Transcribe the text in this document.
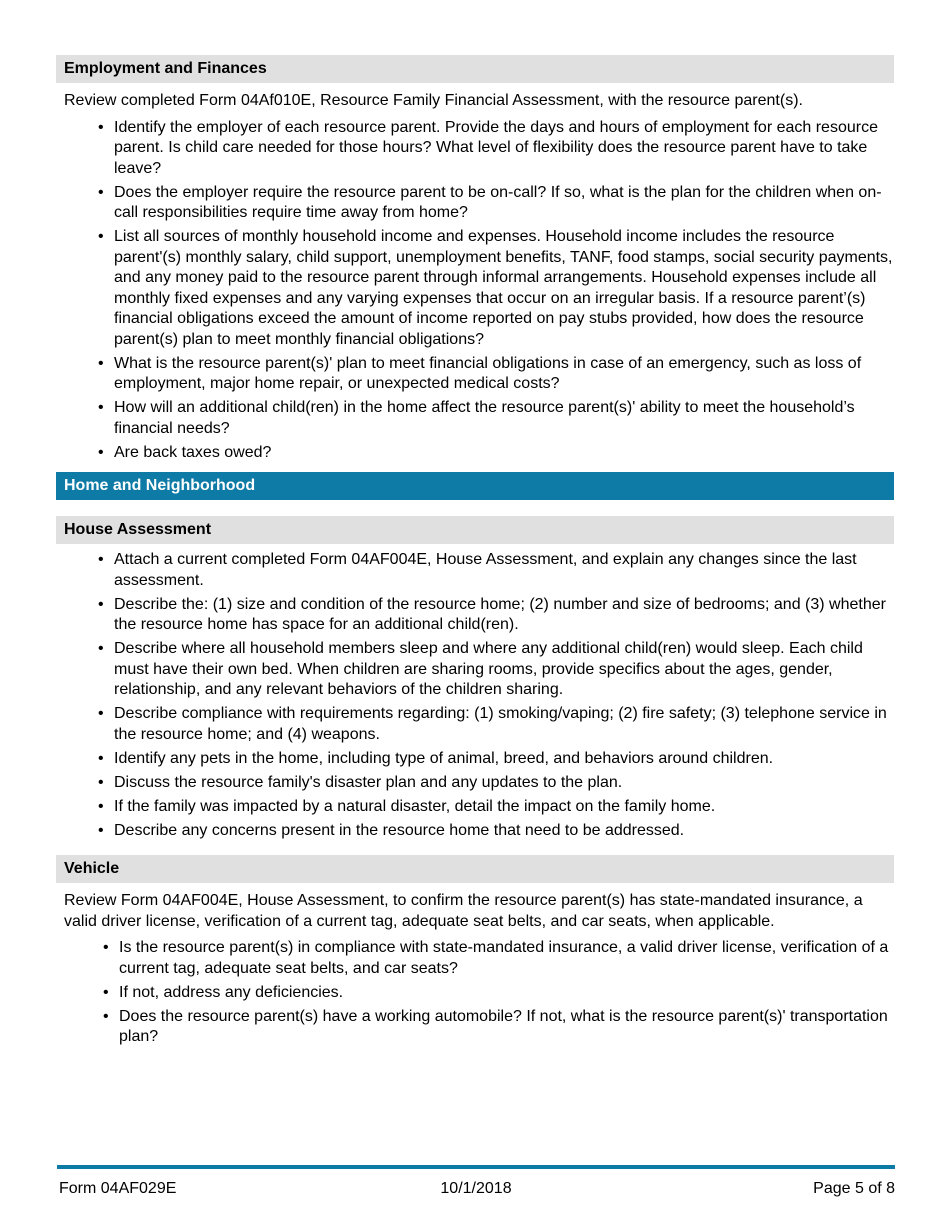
Employment and Finances

Review completed Form 04Af010E, Resource Family Financial Assessment, with the resource parent(s).

• Identify the employer of each resource parent. Provide the days and hours of employment for each resource parent. Is child care needed for those hours? What level of flexibility does the resource parent have to take leave?
• Does the employer require the resource parent to be on-call? If so, what is the plan for the children when on-call responsibilities require time away from home?
• List all sources of monthly household income and expenses. Household income includes the resource parent'(s) monthly salary, child support, unemployment benefits, TANF, food stamps, social security payments, and any money paid to the resource parent through informal arrangements. Household expenses include all monthly fixed expenses and any varying expenses that occur on an irregular basis. If a resource parent’(s) financial obligations exceed the amount of income reported on pay stubs provided, how does the resource parent(s) plan to meet monthly financial obligations?
• What is the resource parent(s)' plan to meet financial obligations in case of an emergency, such as loss of employment, major home repair, or unexpected medical costs?
• How will an additional child(ren) in the home affect the resource parent(s)' ability to meet the household’s financial needs?
• Are back taxes owed?
Home and Neighborhood
House Assessment
• Attach a current completed Form 04AF004E, House Assessment, and explain any changes since the last assessment.
• Describe the: (1) size and condition of the resource home; (2) number and size of bedrooms; and (3) whether the resource home has space for an additional child(ren).
• Describe where all household members sleep and where any additional child(ren) would sleep. Each child must have their own bed. When children are sharing rooms, provide specifics about the ages, gender, relationship, and any relevant behaviors of the children sharing.
• Describe compliance with requirements regarding: (1) smoking/vaping; (2) fire safety; (3) telephone service in the resource home; and (4) weapons.
• Identify any pets in the home, including type of animal, breed, and behaviors around children.
• Discuss the resource family's disaster plan and any updates to the plan.
• If the family was impacted by a natural disaster, detail the impact on the family home.
• Describe any concerns present in the resource home that need to be addressed.
Vehicle

Review Form 04AF004E, House Assessment, to confirm the resource parent(s) has state-mandated insurance, a valid driver license, verification of a current tag, adequate seat belts, and car seats, when applicable.

• Is the resource parent(s) in compliance with state-mandated insurance, a valid driver license, verification of a current tag, adequate seat belts, and car seats?
• If not, address any deficiencies.
• Does the resource parent(s) have a working automobile? If not, what is the resource parent(s)' transportation plan?
Form 04AF029E	10/1/2018	Page 5 of 8
